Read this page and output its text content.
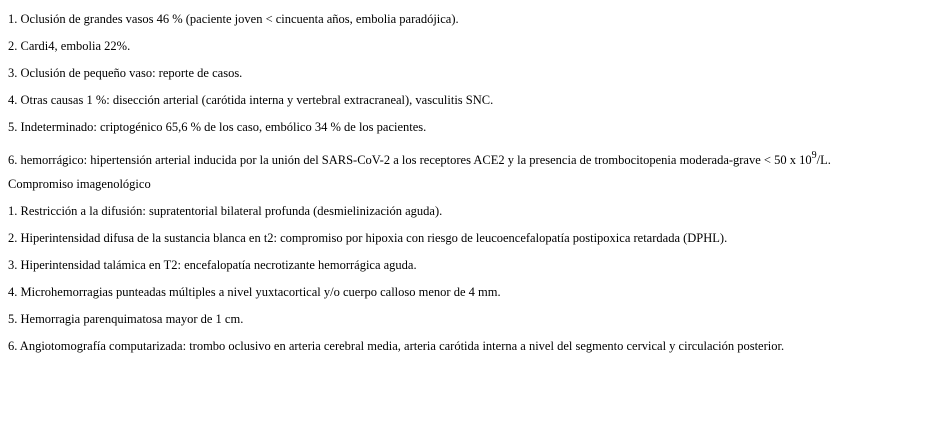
1. Oclusión de grandes vasos 46 % (paciente joven < cincuenta años, embolia paradójica).
2. Cardi4, embolia 22%.
3. Oclusión de pequeño vaso: reporte de casos.
4. Otras causas 1 %: disección arterial (carótida interna y vertebral extracraneal), vasculitis SNC.
5. Indeterminado: criptogénico 65,6 % de los caso, embólico 34 % de los pacientes.
6. hemorrágico: hipertensión arterial inducida por la unión del SARS-CoV-2 a los receptores ACE2 y la presencia de trombocitopenia moderada-grave < 50 x $10^9/L$.
Compromiso imagenológico
1. Restricción a la difusión: supratentorial bilateral profunda (desmielinización aguda).
2. Hiperintensidad difusa de la sustancia blanca en t2: compromiso por hipoxia con riesgo de leucoencefalopatía postipoxica retardada (DPHL).
3. Hiperintensidad talámica en T2: encefalopatía necrotizante hemorrágica aguda.
4. Microhemorragias punteadas múltiples a nivel yuxtacortical y/o cuerpo calloso menor de 4 mm.
5. Hemorragia parenquimatosa mayor de 1 cm.
6. Angiotomografía computarizada: trombo oclusivo en arteria cerebral media, arteria carótida interna a nivel del segmento cervical y circulación posterior.
